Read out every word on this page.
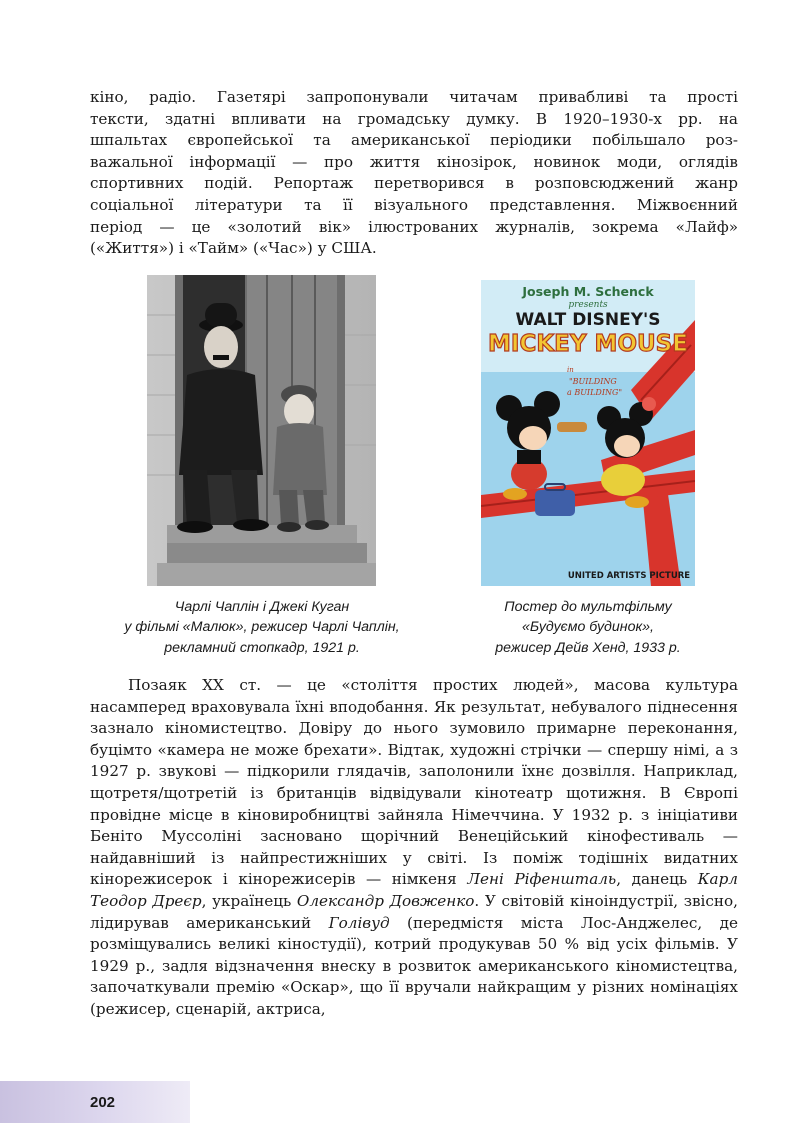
кіно, радіо. Газетярі запропонували читачам привабливі та прості
тексти, здатні впливати на громадську думку. В 1920–1930-х рр. на
шпальтах європейської та американської періодики побільшало роз-
важальної інформації — про життя кінозірок, новинок моди, оглядів
спортивних подій. Репортаж перетворився в розповсюджений жанр
соціальної літератури та її візуального представлення. Міжвоєнний
період — це «золотий вік» ілюстрованих журналів, зокрема «Лайф»
(«Життя») і «Тайм» («Час») у США.
Joseph M. Schenck
presents
WALT DISNEY'S
MICKEY MOUSE
in
"BUILDING
a BUILDING"
UNITED ARTISTS PICTURE
Чарлі Чаплін і Джекі Куган
у фільмі «Малюк», режисер Чарлі Чаплін,
рекламний стопкадр, 1921 р.
Постер до мультфільму
«Будуємо будинок»,
режисер Дейв Хенд, 1933 р.

Позаяк XX ст. — це «століття простих людей», масова культура насамперед враховувала їхні вподобання. Як результат, небувалого піднесення зазнало кіномистецтво. Довіру до нього зумовило примарне переконання, буцімто «камера не може брехати». Відтак, художні стрічки — спершу німі, а з 1927 р. звукові — підкорили глядачів, заполонили їхнє дозвілля. Наприклад, щотретя/щотретій із британців відвідували кінотеатр щотижня. В Європі провідне місце в кіновиробництві зайняла Німеччина. У 1932 р. з ініціативи Беніто Муссоліні засновано щорічний Венеційський кінофестиваль — найдавніший із найпрестижніших у світі. Із поміж тодішніх видатних кінорежисерок і кінорежисерів — німкеня Лені Ріфеншталь, данець Карл Теодор Дреєр, українець Олександр Довженко. У світовій кіноіндустрії, звісно, лідирував американський Голівуд (передмістя міста Лос-Анджелес, де розміщувались великі кіностудії), котрий продукував 50 % від усіх фільмів. У 1929 р., задля відзначення внеску в розвиток американського кіномистецтва, започаткували премію «Оскар», що її вручали найкращим у різних номінаціях (режисер, сценарій, актриса,

202
